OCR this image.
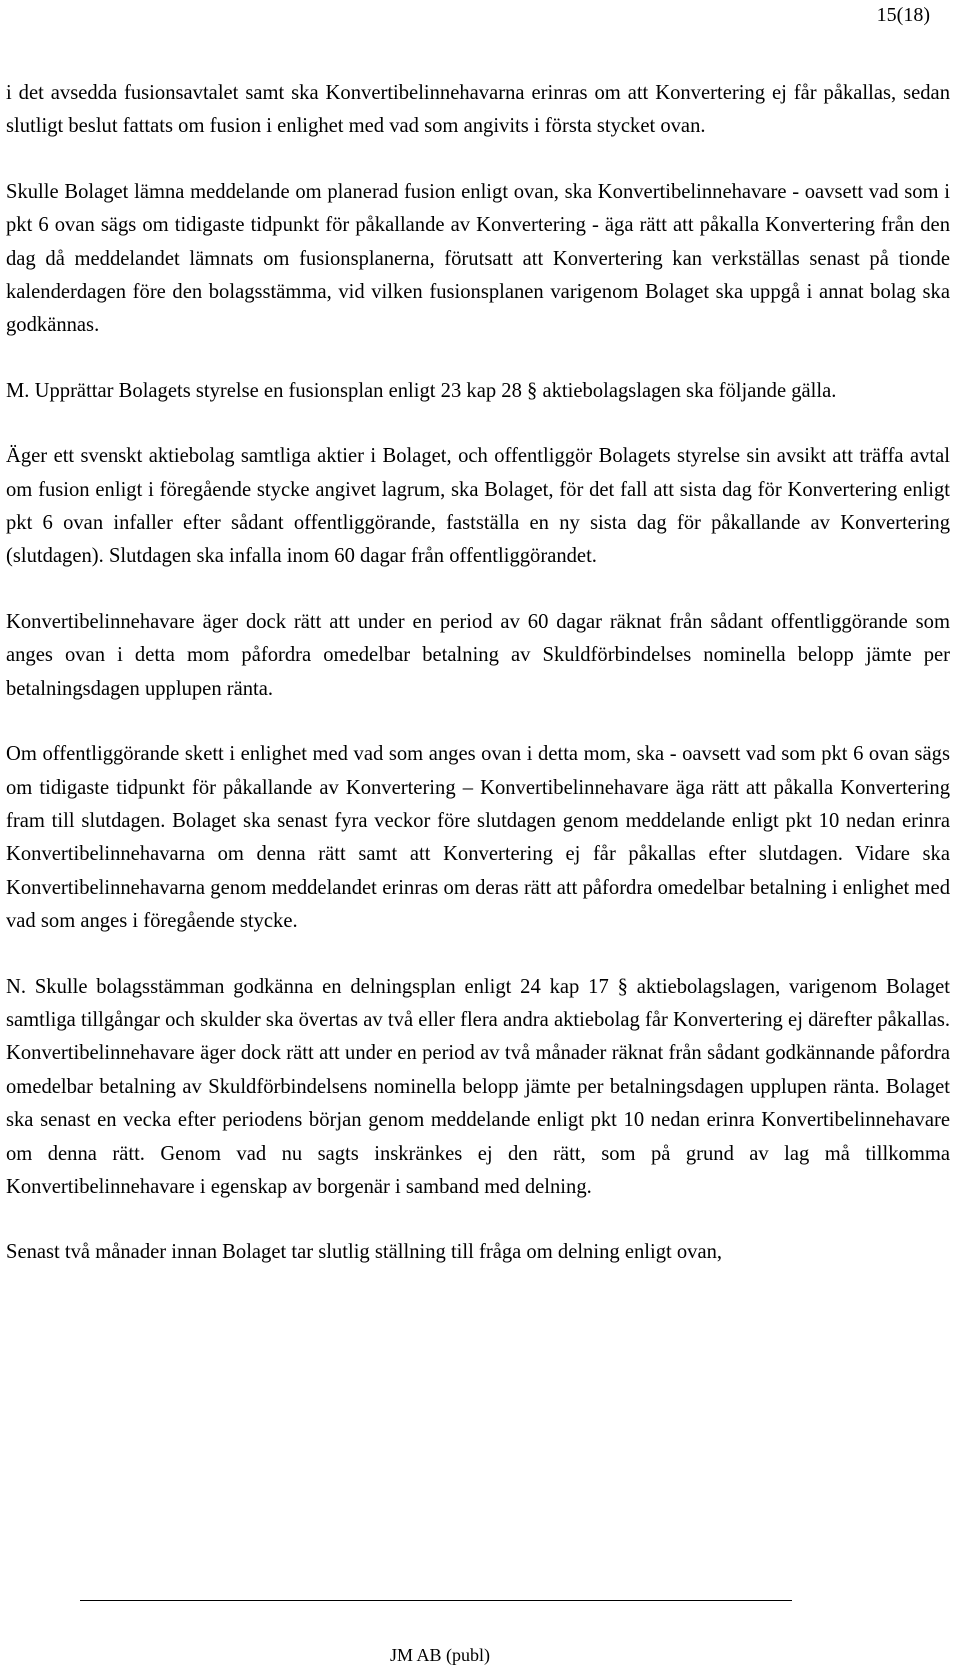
15(18)

i det avsedda fusionsavtalet samt ska Konvertibelinnehavarna erinras om att Konvertering ej får påkallas, sedan slutligt beslut fattats om fusion i enlighet med vad som angivits i första stycket ovan.

Skulle Bolaget lämna meddelande om planerad fusion enligt ovan, ska Konvertibelinnehavare - oavsett vad som i pkt 6 ovan sägs om tidigaste tidpunkt för påkallande av Konvertering - äga rätt att påkalla Konvertering från den dag då meddelandet lämnats om fusionsplanerna, förutsatt att Konvertering kan verkställas senast på tionde kalenderdagen före den bolagsstämma, vid vilken fusionsplanen varigenom Bolaget ska uppgå i annat bolag ska godkännas.

M. Upprättar Bolagets styrelse en fusionsplan enligt 23 kap 28 § aktiebolagslagen ska följande gälla.

Äger ett svenskt aktiebolag samtliga aktier i Bolaget, och offentliggör Bolagets styrelse sin avsikt att träffa avtal om fusion enligt i föregående stycke angivet lagrum, ska Bolaget, för det fall att sista dag för Konvertering enligt pkt 6 ovan infaller efter sådant offentliggörande, fastställa en ny sista dag för påkallande av Konvertering (slutdagen). Slutdagen ska infalla inom 60 dagar från offentliggörandet.

Konvertibelinnehavare äger dock rätt att under en period av 60 dagar räknat från sådant offentliggörande som anges ovan i detta mom påfordra omedelbar betalning av Skuldförbindelses nominella belopp jämte per betalningsdagen upplupen ränta.

Om offentliggörande skett i enlighet med vad som anges ovan i detta mom, ska - oavsett vad som pkt 6 ovan sägs om tidigaste tidpunkt för påkallande av Konvertering – Konvertibelinnehavare äga rätt att påkalla Konvertering fram till slutdagen. Bolaget ska senast fyra veckor före slutdagen genom meddelande enligt pkt 10 nedan erinra Konvertibelinnehavarna om denna rätt samt att Konvertering ej får påkallas efter slutdagen. Vidare ska Konvertibelinnehavarna genom meddelandet erinras om deras rätt att påfordra omedelbar betalning i enlighet med vad som anges i föregående stycke.

N. Skulle bolagsstämman godkänna en delningsplan enligt 24 kap 17 § aktiebolagslagen, varigenom Bolaget samtliga tillgångar och skulder ska övertas av två eller flera andra aktiebolag får Konvertering ej därefter påkallas. Konvertibelinnehavare äger dock rätt att under en period av två månader räknat från sådant godkännande påfordra omedelbar betalning av Skuldförbindelsens nominella belopp jämte per betalningsdagen upplupen ränta. Bolaget ska senast en vecka efter periodens början genom meddelande enligt pkt 10 nedan erinra Konvertibelinnehavare om denna rätt. Genom vad nu sagts inskränkes ej den rätt, som på grund av lag må tillkomma Konvertibelinnehavare i egenskap av borgenär i samband med delning.

Senast två månader innan Bolaget tar slutlig ställning till fråga om delning enligt ovan,

JM AB (publ)
